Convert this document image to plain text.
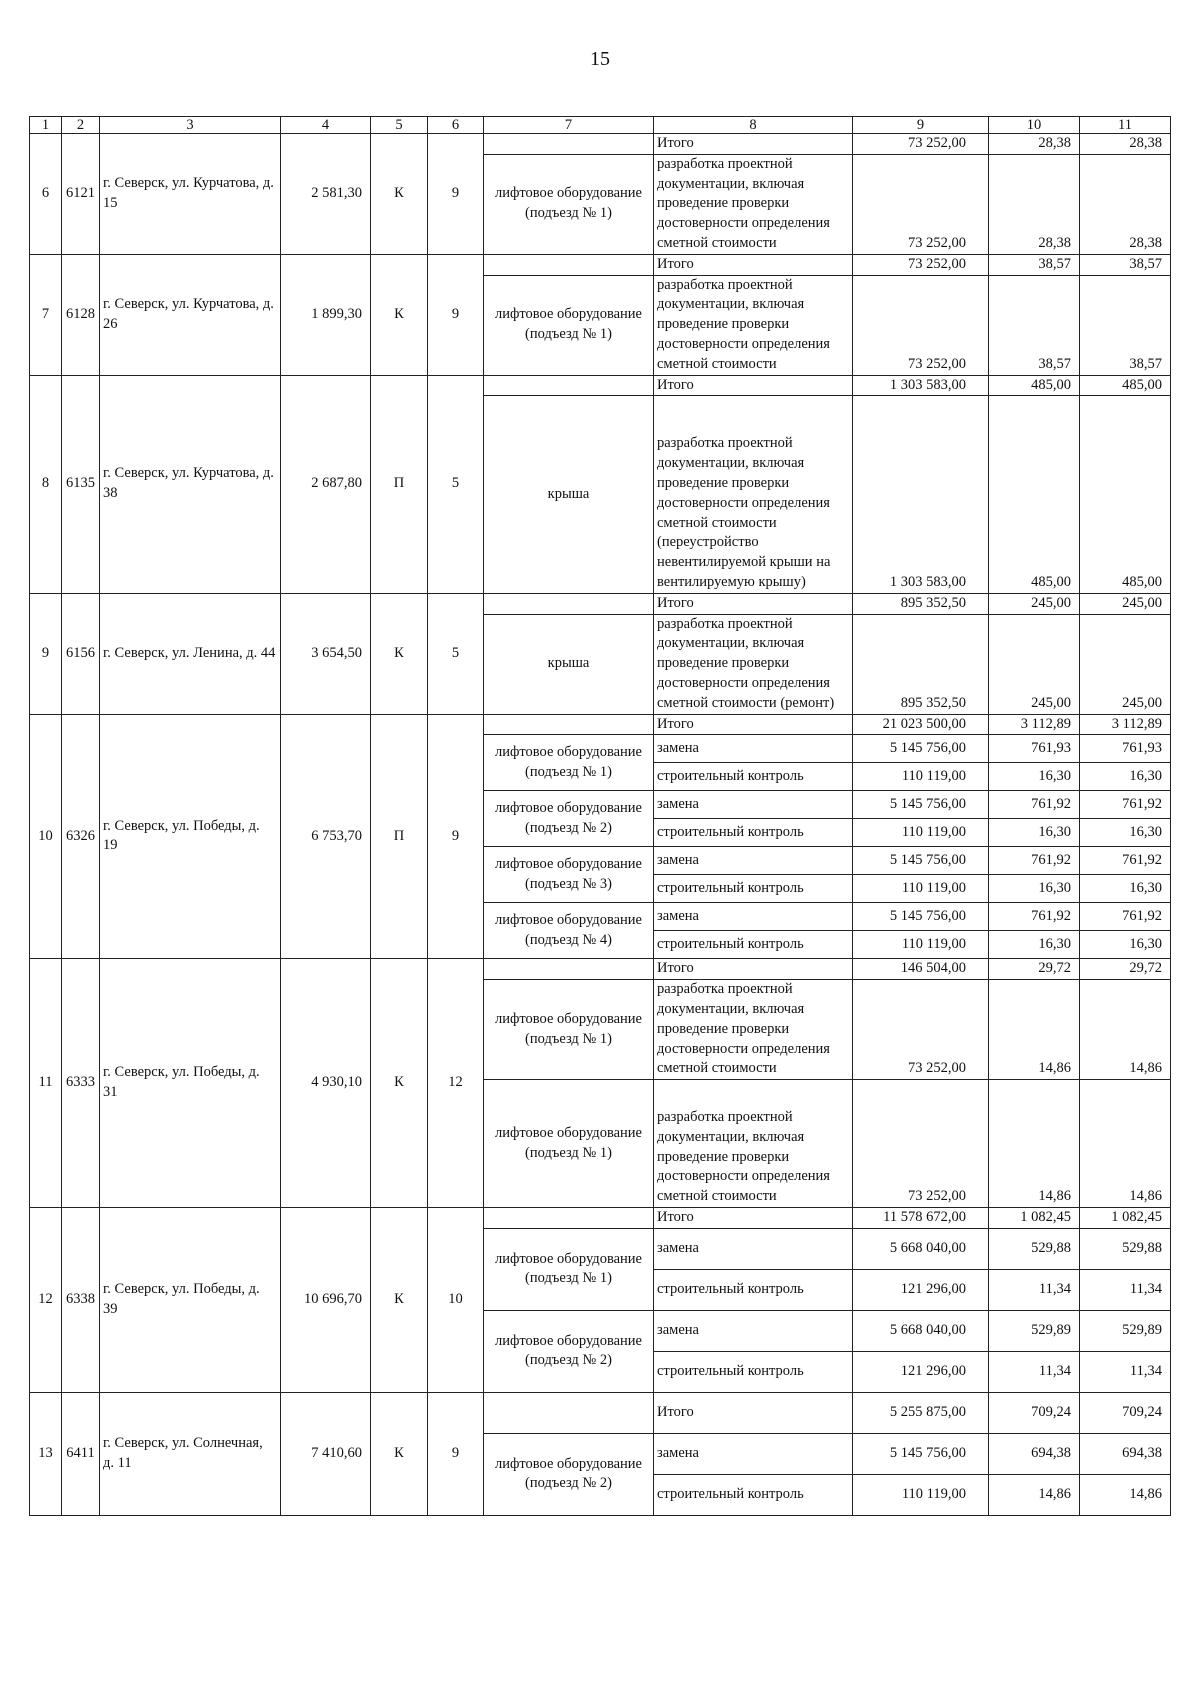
15
1	2	3	4	5	6	7	8	9	10	11
6	6121	г. Северск, ул. Курчатова, д. 15	2 581,30	К	9		Итого	73 252,00	28,38	28,38
						лифтовое оборудование (подъезд № 1)	разработка проектной документации, включая проведение проверки достоверности определения сметной стоимости	73 252,00	28,38	28,38
7	6128	г. Северск, ул. Курчатова, д. 26	1 899,30	К	9		Итого	73 252,00	38,57	38,57
						лифтовое оборудование (подъезд № 1)	разработка проектной документации, включая проведение проверки достоверности определения сметной стоимости	73 252,00	38,57	38,57
8	6135	г. Северск, ул. Курчатова, д. 38	2 687,80	П	5		Итого	1 303 583,00	485,00	485,00
						крыша	разработка проектной документации, включая проведение проверки достоверности определения сметной стоимости (переустройство невентилируемой крыши на вентилируемую крышу)	1 303 583,00	485,00	485,00
9	6156	г. Северск, ул. Ленина, д. 44	3 654,50	К	5		Итого	895 352,50	245,00	245,00
						крыша	разработка проектной документации, включая проведение проверки достоверности определения сметной стоимости (ремонт)	895 352,50	245,00	245,00
10	6326	г. Северск, ул. Победы, д. 19	6 753,70	П	9		Итого	21 023 500,00	3 112,89	3 112,89
						лифтовое оборудование (подъезд № 1)	замена	5 145 756,00	761,93	761,93
							строительный контроль	110 119,00	16,30	16,30
						лифтовое оборудование (подъезд № 2)	замена	5 145 756,00	761,92	761,92
							строительный контроль	110 119,00	16,30	16,30
						лифтовое оборудование (подъезд № 3)	замена	5 145 756,00	761,92	761,92
							строительный контроль	110 119,00	16,30	16,30
						лифтовое оборудование (подъезд № 4)	замена	5 145 756,00	761,92	761,92
							строительный контроль	110 119,00	16,30	16,30
11	6333	г. Северск, ул. Победы, д. 31	4 930,10	К	12		Итого	146 504,00	29,72	29,72
						лифтовое оборудование (подъезд № 1)	разработка проектной документации, включая проведение проверки достоверности определения сметной стоимости	73 252,00	14,86	14,86
						лифтовое оборудование (подъезд № 1)	разработка проектной документации, включая проведение проверки достоверности определения сметной стоимости	73 252,00	14,86	14,86
12	6338	г. Северск, ул. Победы, д. 39	10 696,70	К	10		Итого	11 578 672,00	1 082,45	1 082,45
						лифтовое оборудование (подъезд № 1)	замена	5 668 040,00	529,88	529,88
							строительный контроль	121 296,00	11,34	11,34
						лифтовое оборудование (подъезд № 2)	замена	5 668 040,00	529,89	529,89
							строительный контроль	121 296,00	11,34	11,34
13	6411	г. Северск, ул. Солнечная, д. 11	7 410,60	К	9		Итого	5 255 875,00	709,24	709,24
						лифтовое оборудование (подъезд № 2)	замена	5 145 756,00	694,38	694,38
							строительный контроль	110 119,00	14,86	14,86
